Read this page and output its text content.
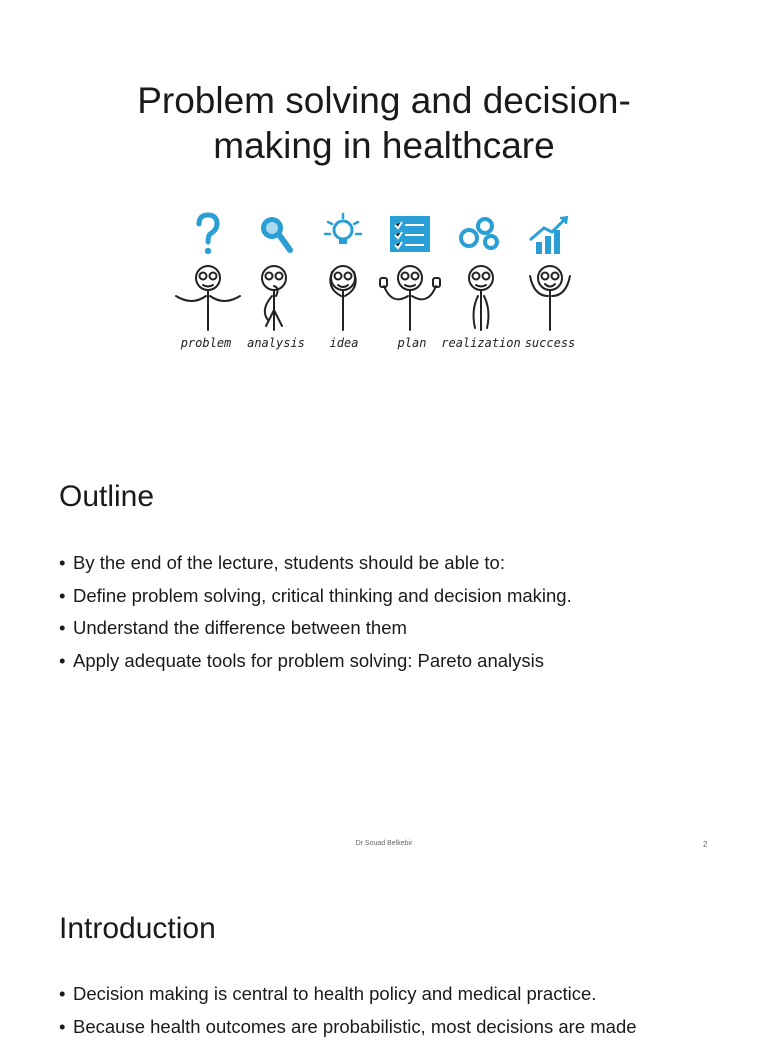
Problem solving and decision-
making in healthcare
problem	analysis	idea	plan	realization success
Outline
• By the end of the lecture, students should be able to:
• Define problem solving, critical thinking and decision making.
• Understand the difference between them
• Apply adequate tools for problem solving: Pareto analysis
Dr Souad Belkebir	2
Introduction
• Decision making is central to health policy and medical practice.
• Because health outcomes are probabilistic, most decisions are made
